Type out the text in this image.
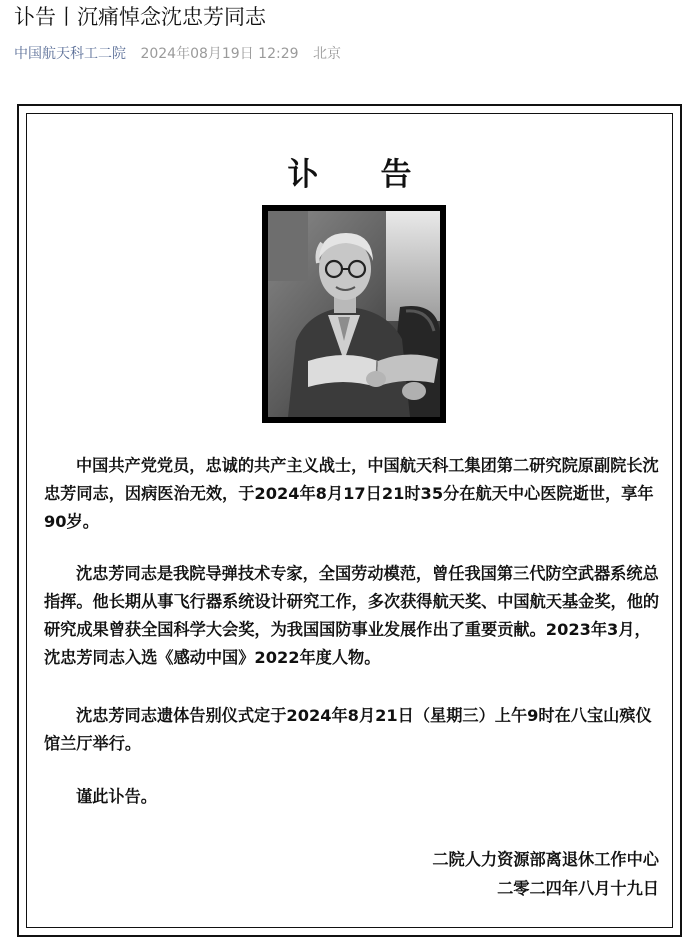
讣告丨沉痛悼念沈忠芳同志
中国航天科工二院 2024年08月19日 12:29 北京
讣 告

中国共产党党员，忠诚的共产主义战士，中国航天科工集团第二研究院原副院长沈忠芳同志，因病医治无效，于2024年8月17日21时35分在航天中心医院逝世，享年90岁。

沈忠芳同志是我院导弹技术专家，全国劳动模范，曾任我国第三代防空武器系统总指挥。他长期从事飞行器系统设计研究工作，多次获得航天奖、中国航天基金奖，他的研究成果曾获全国科学大会奖，为我国国防事业发展作出了重要贡献。2023年3月，沈忠芳同志入选《感动中国》2022年度人物。

沈忠芳同志遗体告别仪式定于2024年8月21日（星期三）上午9时在八宝山殡仪馆兰厅举行。

谨此讣告。

二院人力资源部离退休工作中心
二零二四年八月十九日
